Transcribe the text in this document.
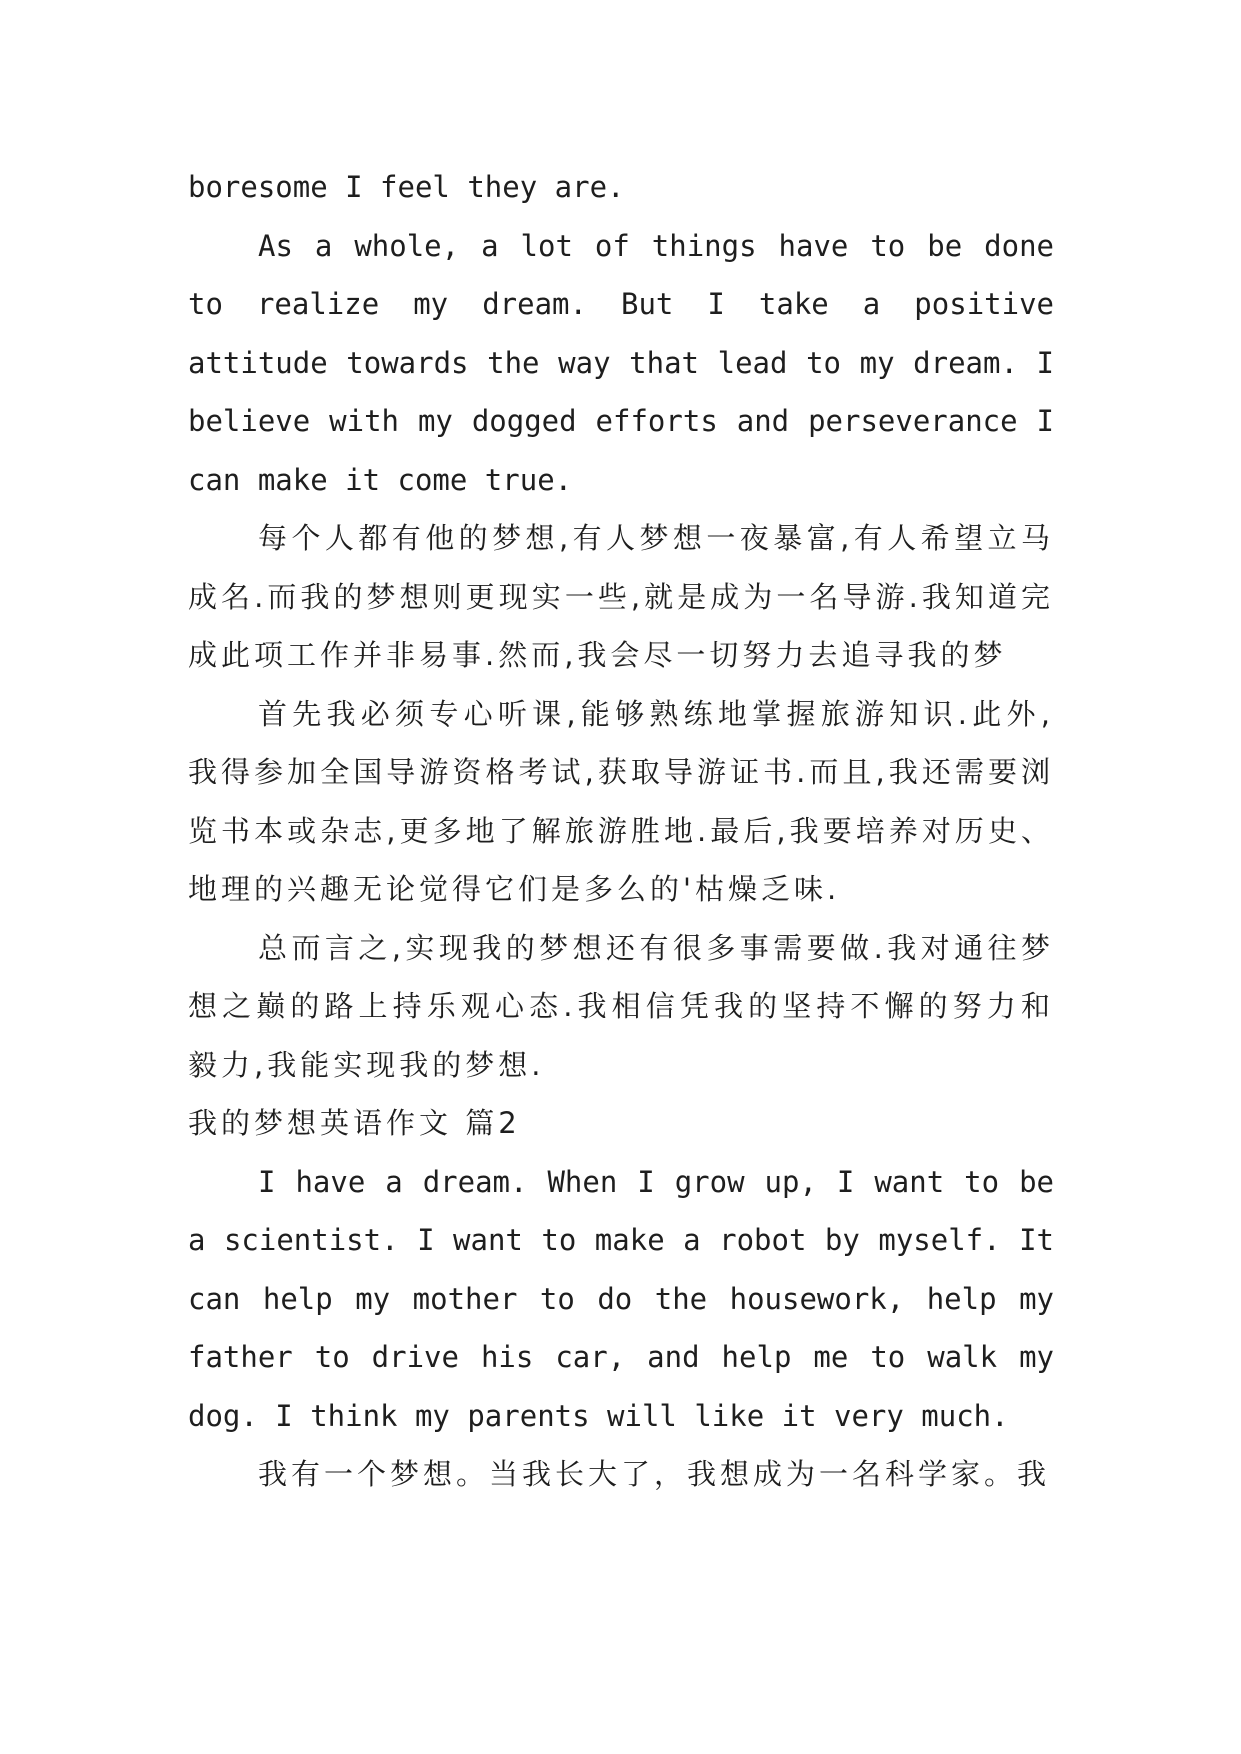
boresome I feel they are.

As a whole, a lot of things have to be done to realize my dream. But I take a positive attitude towards the way that lead to my dream. I believe with my dogged efforts and perseverance I can make it come true.

每个人都有他的梦想,有人梦想一夜暴富,有人希望立马成名.而我的梦想则更现实一些,就是成为一名导游.我知道完成此项工作并非易事.然而,我会尽一切努力去追寻我的梦

首先我必须专心听课,能够熟练地掌握旅游知识.此外,我得参加全国导游资格考试,获取导游证书.而且,我还需要浏览书本或杂志,更多地了解旅游胜地.最后,我要培养对历史、地理的兴趣无论觉得它们是多么的'枯燥乏味.

总而言之,实现我的梦想还有很多事需要做.我对通往梦想之巅的路上持乐观心态.我相信凭我的坚持不懈的努力和毅力,我能实现我的梦想.

我的梦想英语作文 篇2

I have a dream. When I grow up, I want to be a scientist. I want to make a robot by myself. It can help my mother to do the housework, help my father to drive his car, and help me to walk my dog. I think my parents will like it very much.

我有一个梦想。当我长大了，我想成为一名科学家。我
